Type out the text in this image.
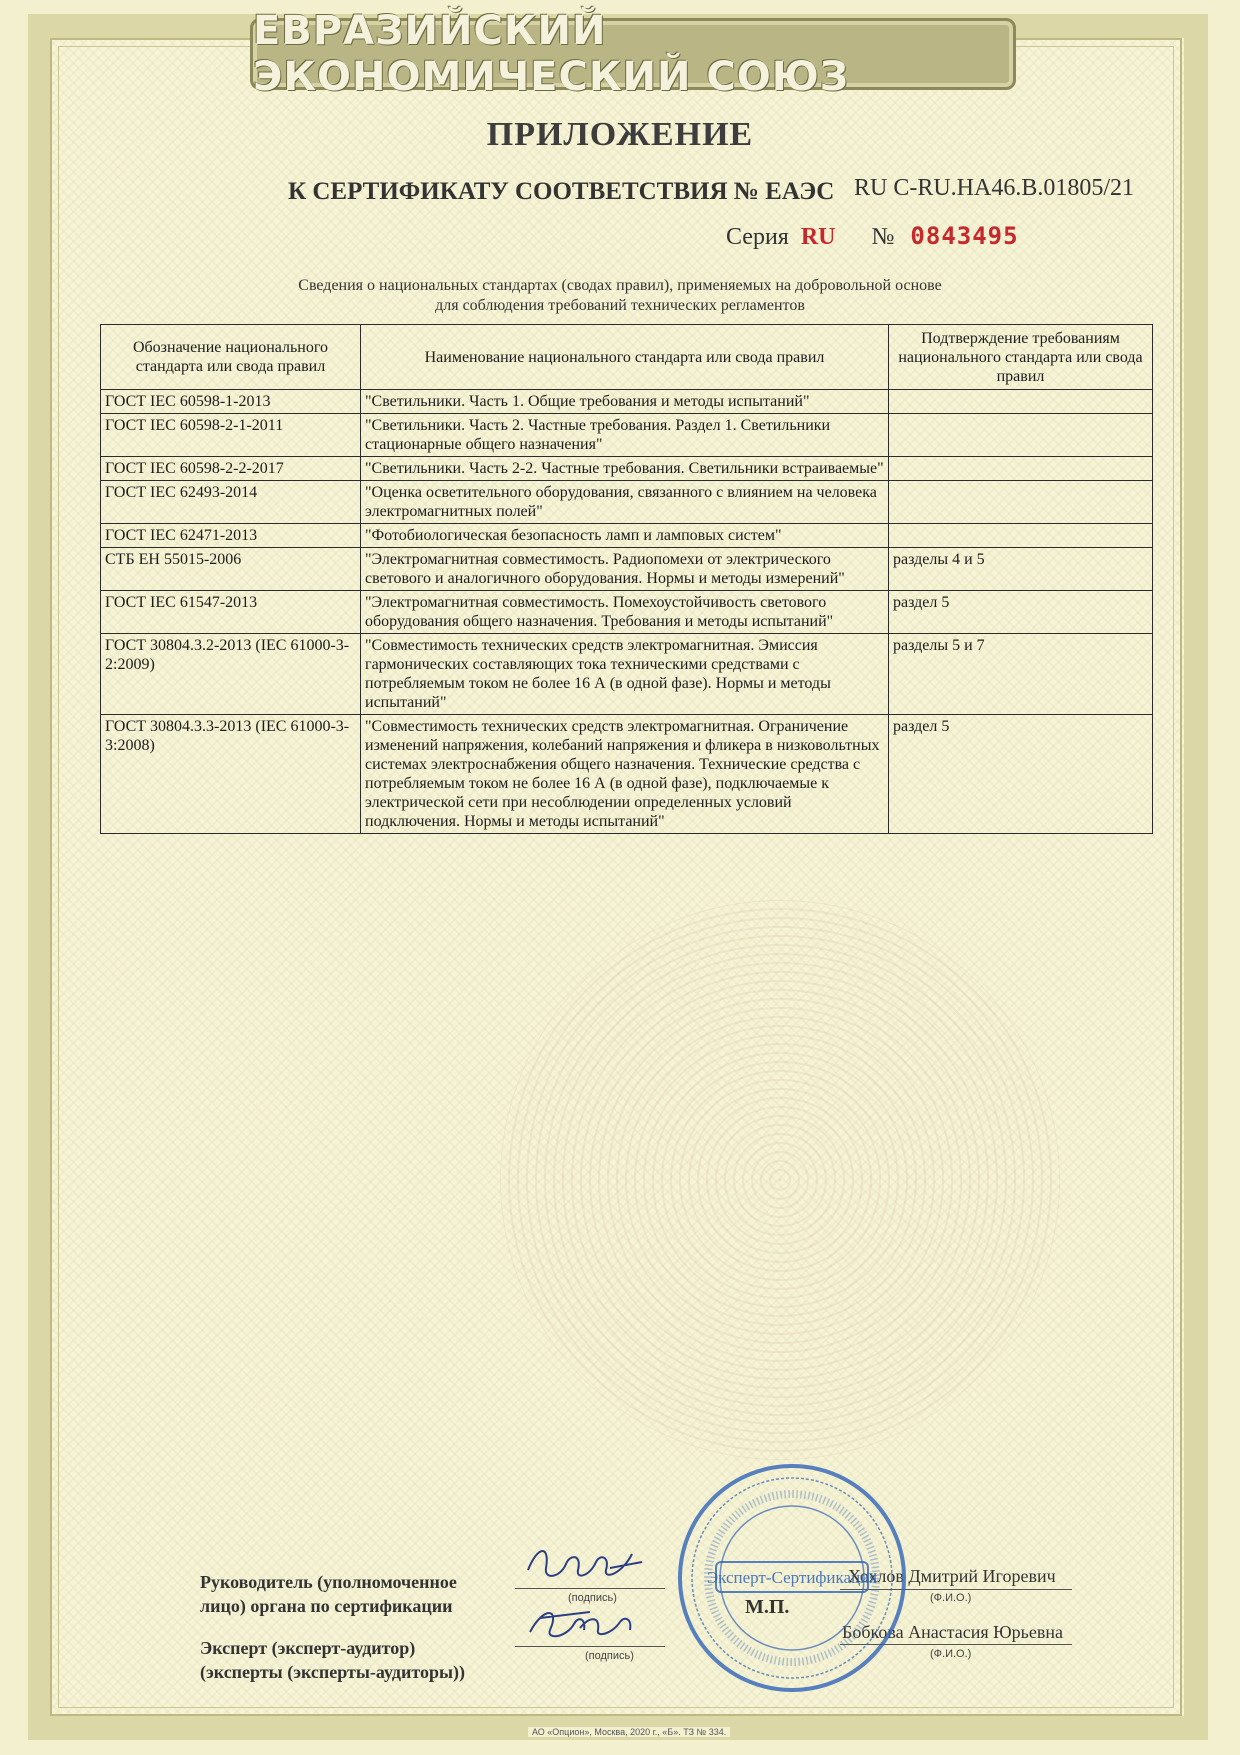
ЕВРАЗИЙСКИЙ ЭКОНОМИЧЕСКИЙ СОЮЗ
ПРИЛОЖЕНИЕ
К СЕРТИФИКАТУ СООТВЕТСТВИЯ № ЕАЭС RU C-RU.HA46.B.01805/21
Серия RU № 0843495
Сведения о национальных стандартах (сводах правил), применяемых на добровольной основе
для соблюдения требований технических регламентов
Обозначение национального стандарта или свода правил	Наименование национального стандарта или свода правил	Подтверждение требованиям национального стандарта или свода правил
ГОСТ IEC 60598-1-2013	"Светильники. Часть 1. Общие требования и методы испытаний"	
ГОСТ IEC 60598-2-1-2011	"Светильники. Часть 2. Частные требования. Раздел 1. Светильники стационарные общего назначения"	
ГОСТ IEC 60598-2-2-2017	"Светильники. Часть 2-2. Частные требования. Светильники встраиваемые"	
ГОСТ IEC 62493-2014	"Оценка осветительного оборудования, связанного с влиянием на человека электромагнитных полей"	
ГОСТ IEC 62471-2013	"Фотобиологическая безопасность ламп и ламповых систем"	
СТБ ЕН 55015-2006	"Электромагнитная совместимость. Радиопомехи от электрического светового и аналогичного оборудования. Нормы и методы измерений"	разделы 4 и 5
ГОСТ IEC 61547-2013	"Электромагнитная совместимость. Помехоустойчивость светового оборудования общего назначения. Требования и методы испытаний"	раздел 5
ГОСТ 30804.3.2-2013 (IEC 61000-3-2:2009)	"Совместимость технических средств электромагнитная. Эмиссия гармонических составляющих тока техническими средствами с потребляемым током не более 16 А (в одной фазе). Нормы и методы испытаний"	разделы 5 и 7
ГОСТ 30804.3.3-2013 (IEC 61000-3-3:2008)	"Совместимость технических средств электромагнитная. Ограничение изменений напряжения, колебаний напряжения и фликера в низковольтных системах электроснабжения общего назначения. Технические средства с потребляемым током не более 16 А (в одной фазе), подключаемые к электрической сети при несоблюдении определенных условий подключения. Нормы и методы испытаний"	раздел 5
Руководитель (уполномоченное
лицо) органа по сертификации	(подпись)
Хохлов Дмитрий Игоревич
(Ф.И.О.)
М.П.
Эксперт (эксперт-аудитор)
(эксперты (эксперты-аудиторы))
(подпись)
Бобкова Анастасия Юрьевна
(Ф.И.О.)
Эксперт-Сертификация
АО «Опцион», Москва, 2020 г., «Б». ТЗ № 334.
